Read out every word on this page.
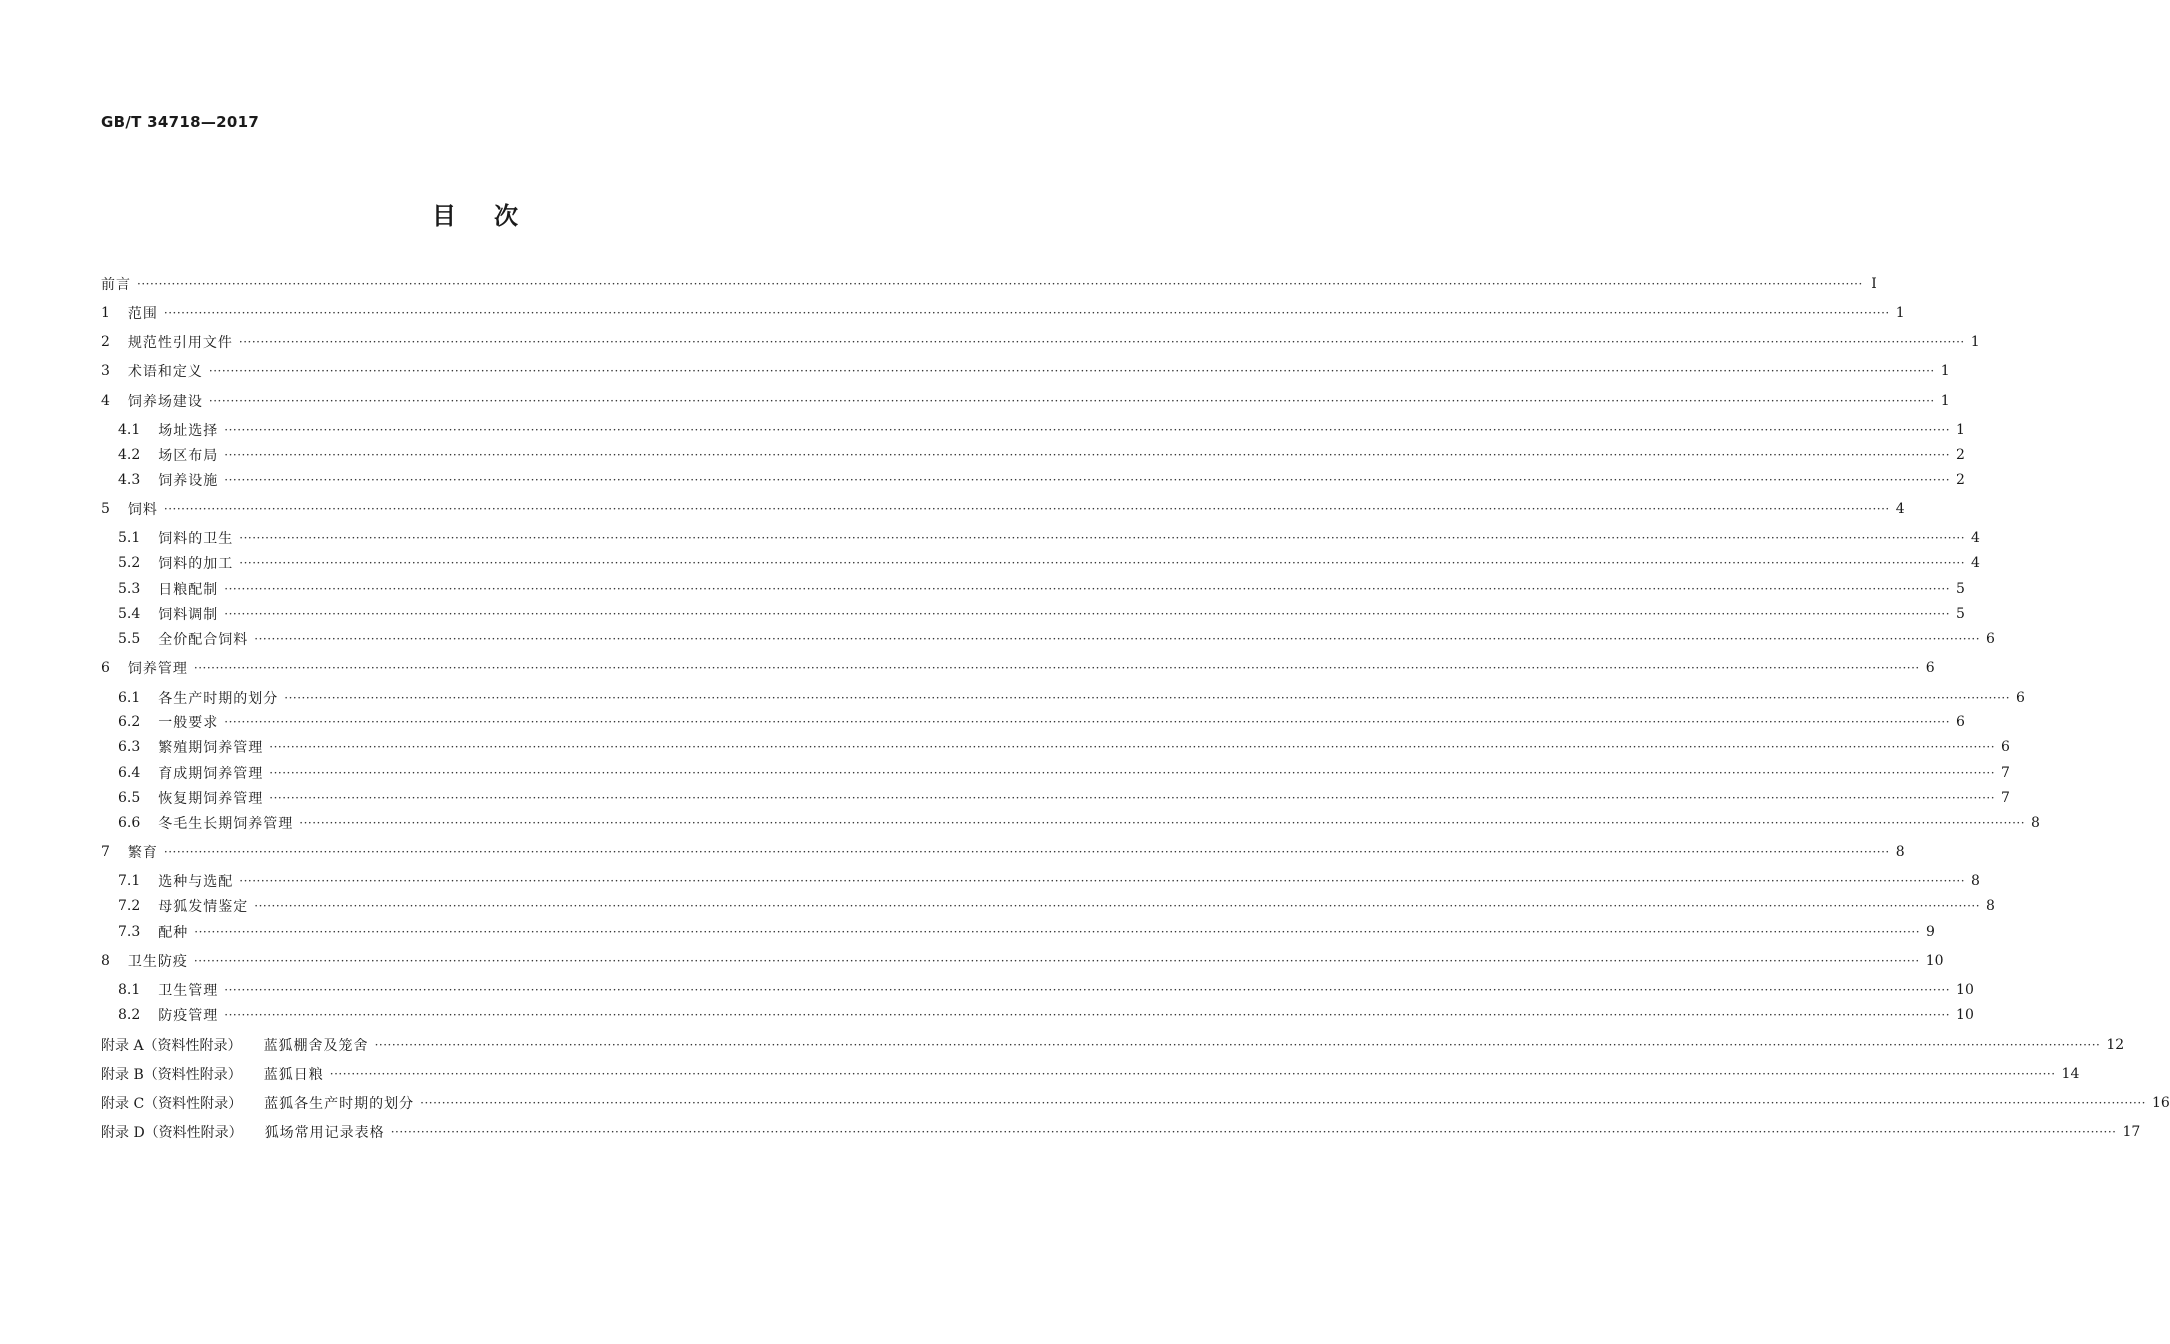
GB/T 34718—2017
目次
前言 ················································································································································································································································································································································································································ Ⅰ
1 范围 ················································································································································································································································································································································································································ 1
2 规范性引用文件 ················································································································································································································································································································································································································ 1
3 术语和定义 ················································································································································································································································································································································································································ 1
4 饲养场建设 ················································································································································································································································································································································································································ 1
4.1 场址选择 ················································································································································································································································································································································································································ 1
4.2 场区布局 ················································································································································································································································································································································································································ 2
4.3 饲养设施 ················································································································································································································································································································································································································ 2
5 饲料 ················································································································································································································································································································································································································ 4
5.1 饲料的卫生 ················································································································································································································································································································································································································ 4
5.2 饲料的加工 ················································································································································································································································································································································································································ 4
5.3 日粮配制 ················································································································································································································································································································································································································ 5
5.4 饲料调制 ················································································································································································································································································································································································································ 5
5.5 全价配合饲料 ················································································································································································································································································································································································································ 6
6 饲养管理 ················································································································································································································································································································································································································ 6
6.1 各生产时期的划分 ················································································································································································································································································································································································································ 6
6.2 一般要求 ················································································································································································································································································································································································································ 6
6.3 繁殖期饲养管理 ················································································································································································································································································································································································································ 6
6.4 育成期饲养管理 ················································································································································································································································································································································································································ 7
6.5 恢复期饲养管理 ················································································································································································································································································································································································································ 7
6.6 冬毛生长期饲养管理 ················································································································································································································································································································································································································ 8
7 繁育 ················································································································································································································································································································································································································ 8
7.1 选种与选配 ················································································································································································································································································································································································································ 8
7.2 母狐发情鉴定 ················································································································································································································································································································································································································ 8
7.3 配种 ················································································································································································································································································································································································································ 9
8 卫生防疫 ················································································································································································································································································································································································································ 10
8.1 卫生管理 ················································································································································································································································································································································································································ 10
8.2 防疫管理 ················································································································································································································································································································································································································ 10
附录 A（资料性附录） 蓝狐棚舍及笼舍 ················································································································································································································································································································································································································ 12
附录 B（资料性附录） 蓝狐日粮 ················································································································································································································································································································································································································ 14
附录 C（资料性附录） 蓝狐各生产时期的划分 ················································································································································································································································································································································································································ 16
附录 D（资料性附录） 狐场常用记录表格 ················································································································································································································································································································································································································ 17
